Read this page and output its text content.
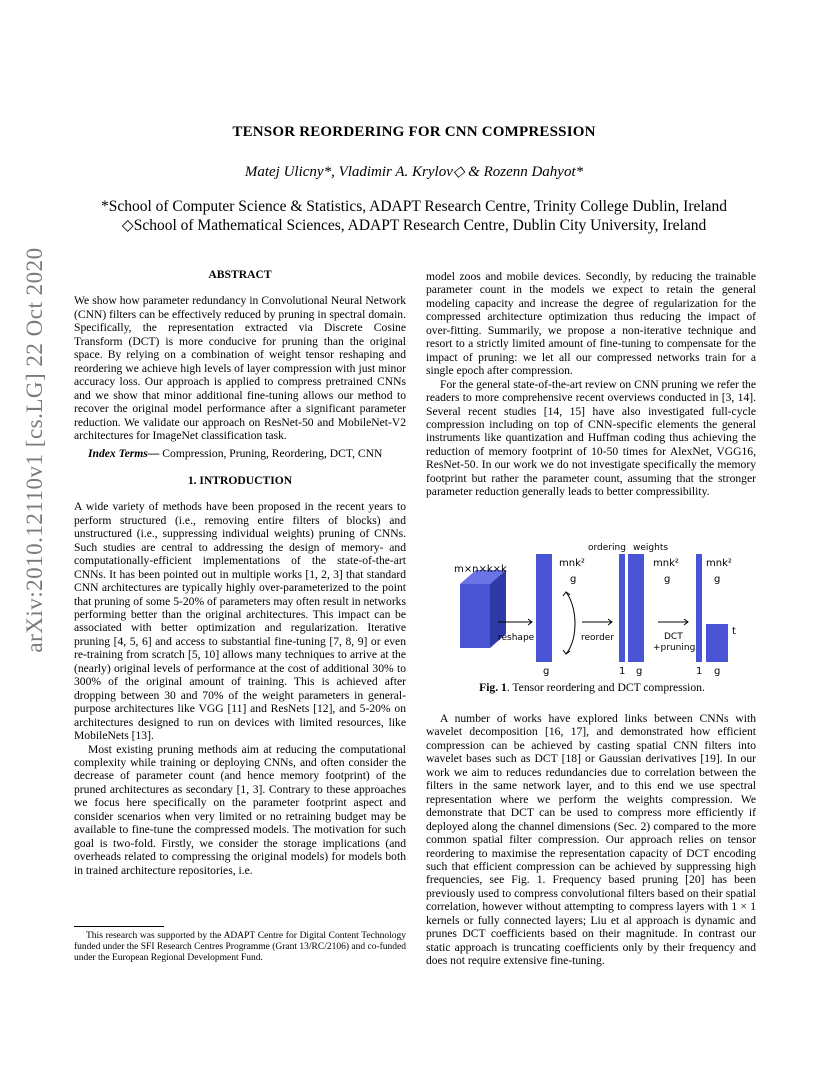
arXiv:2010.12110v1 [cs.LG] 22 Oct 2020
TENSOR REORDERING FOR CNN COMPRESSION
Matej Ulicny*, Vladimir A. Krylov◇ & Rozenn Dahyot*
*School of Computer Science & Statistics, ADAPT Research Centre, Trinity College Dublin, Ireland
◇School of Mathematical Sciences, ADAPT Research Centre, Dublin City University, Ireland

ABSTRACT

We show how parameter redundancy in Convolutional Neural Network (CNN) filters can be effectively reduced by pruning in spectral domain. Specifically, the representation extracted via Discrete Cosine Transform (DCT) is more conducive for pruning than the original space. By relying on a combination of weight tensor reshaping and reordering we achieve high levels of layer compression with just minor accuracy loss. Our approach is applied to compress pretrained CNNs and we show that minor additional fine-tuning allows our method to recover the original model performance after a significant parameter reduction. We validate our approach on ResNet-50 and MobileNet-V2 architectures for ImageNet classification task.

Index Terms— Compression, Pruning, Reordering, DCT, CNN

1. INTRODUCTION

A wide variety of methods have been proposed in the recent years to perform structured (i.e., removing entire filters of blocks) and unstructured (i.e., suppressing individual weights) pruning of CNNs. Such studies are central to addressing the design of memory- and computationally-efficient implementations of the state-of-the-art CNNs. It has been pointed out in multiple works [1, 2, 3] that standard CNN architectures are typically highly over-parameterized to the point that pruning of some 5-20% of parameters may often result in networks performing better than the original architectures. This impact can be associated with better optimization and regularization. Iterative pruning [4, 5, 6] and access to substantial fine-tuning [7, 8, 9] or even re-training from scratch [5, 10] allows many techniques to arrive at the (nearly) original levels of performance at the cost of additional 30% to 300% of the original amount of training. This is achieved after dropping between 30 and 70% of the weight parameters in general-purpose architectures like VGG [11] and ResNets [12], and 5-20% on architectures designed to run on devices with limited resources, like MobileNets [13].

Most existing pruning methods aim at reducing the computational complexity while training or deploying CNNs, and often consider the decrease of parameter count (and hence memory footprint) of the pruned architectures as secondary [1, 3]. Contrary to these approaches we focus here specifically on the parameter footprint aspect and consider scenarios when very limited or no retraining budget may be available to fine-tune the compressed models. The motivation for such goal is two-fold. Firstly, we consider the storage implications (and overheads related to compressing the original models) for models both in trained architecture repositories, i.e.

This research was supported by the ADAPT Centre for Digital Content Technology funded under the SFI Research Centres Programme (Grant 13/RC/2106) and co-funded under the European Regional Development Fund.

model zoos and mobile devices. Secondly, by reducing the trainable parameter count in the models we expect to retain the general modeling capacity and increase the degree of regularization for the compressed architecture optimization thus reducing the impact of over-fitting. Summarily, we propose a non-iterative technique and resort to a strictly limited amount of fine-tuning to compensate for the impact of pruning: we let all our compressed networks train for a single epoch after compression.

For the general state-of-the-art review on CNN pruning we refer the readers to more comprehensive recent overviews conducted in [3, 14]. Several recent studies [14, 15] have also investigated full-cycle compression including on top of CNN-specific elements the general instruments like quantization and Huffman coding thus achieving the reduction of memory footprint of 10-50 times for AlexNet, VGG16, ResNet-50. In our work we do not investigate specifically the memory footprint but rather the parameter count, assuming that the stronger parameter reduction generally leads to better compressibility.

m×n×k×k
reshape
mnk²
g
g
reorder
ordering weights
mnk²
g
1 g
DCT
+pruning
mnk²
g
t
1 g
Fig. 1. Tensor reordering and DCT compression.

A number of works have explored links between CNNs with wavelet decomposition [16, 17], and demonstrated how efficient compression can be achieved by casting spatial CNN filters into wavelet bases such as DCT [18] or Gaussian derivatives [19]. In our work we aim to reduces redundancies due to correlation between the filters in the same network layer, and to this end we use spectral representation where we perform the weights compression. We demonstrate that DCT can be used to compress more efficiently if deployed along the channel dimensions (Sec. 2) compared to the more common spatial filter compression. Our approach relies on tensor reordering to maximise the representation capacity of DCT encoding such that efficient compression can be achieved by suppressing high frequencies, see Fig. 1. Frequency based pruning [20] has been previously used to compress convolutional filters based on their spatial correlation, however without attempting to compress layers with 1 × 1 kernels or fully connected layers; Liu et al approach is dynamic and prunes DCT coefficients based on their magnitude. In contrast our static approach is truncating coefficients only by their frequency and does not require extensive fine-tuning.
